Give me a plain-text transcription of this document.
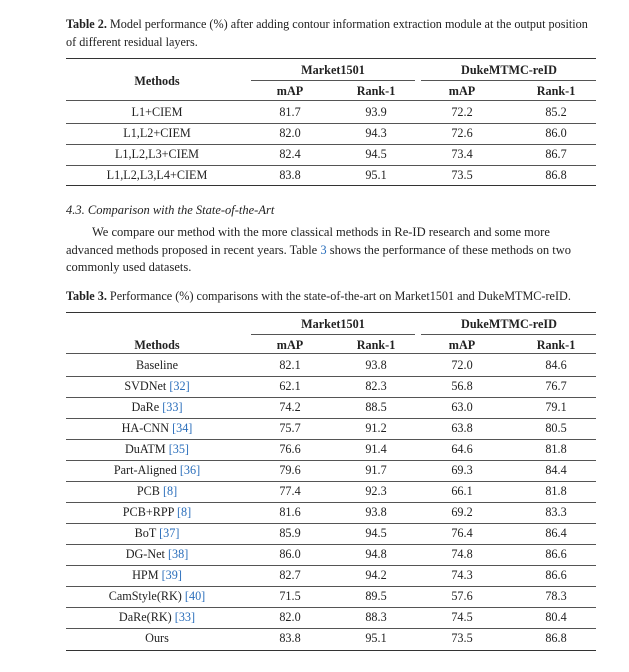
Table 2. Model performance (%) after adding contour information extraction module at the output position of different residual layers.
Market1501	DukeMTMC-reID
Methods
mAP	Rank-1	mAP	Rank-1
L1+CIEM	81.7	93.9	72.2	85.2
L1,L2+CIEM	82.0	94.3	72.6	86.0
L1,L2,L3+CIEM	82.4	94.5	73.4	86.7
L1,L2,L3,L4+CIEM	83.8	95.1	73.5	86.8
4.3. Comparison with the State-of-the-Art
We compare our method with the more classical methods in Re-ID research and some more advanced methods proposed in recent years. Table 3 shows the performance of these methods on two commonly used datasets.
Table 3. Performance (%) comparisons with the state-of-the-art on Market1501 and DukeMTMC-reID.
Market1501	DukeMTMC-reID
Methods	mAP	Rank-1	mAP	Rank-1
Baseline	82.1	93.8	72.0	84.6
SVDNet [32]	62.1	82.3	56.8	76.7
DaRe [33]	74.2	88.5	63.0	79.1
HA-CNN [34]	75.7	91.2	63.8	80.5
DuATM [35]	76.6	91.4	64.6	81.8
Part-Aligned [36]	79.6	91.7	69.3	84.4
PCB [8]	77.4	92.3	66.1	81.8
PCB+RPP [8]	81.6	93.8	69.2	83.3
BoT [37]	85.9	94.5	76.4	86.4
DG-Net [38]	86.0	94.8	74.8	86.6
HPM [39]	82.7	94.2	74.3	86.6
CamStyle(RK) [40]	71.5	89.5	57.6	78.3
DaRe(RK) [33]	82.0	88.3	74.5	80.4
Ours	83.8	95.1	73.5	86.8
